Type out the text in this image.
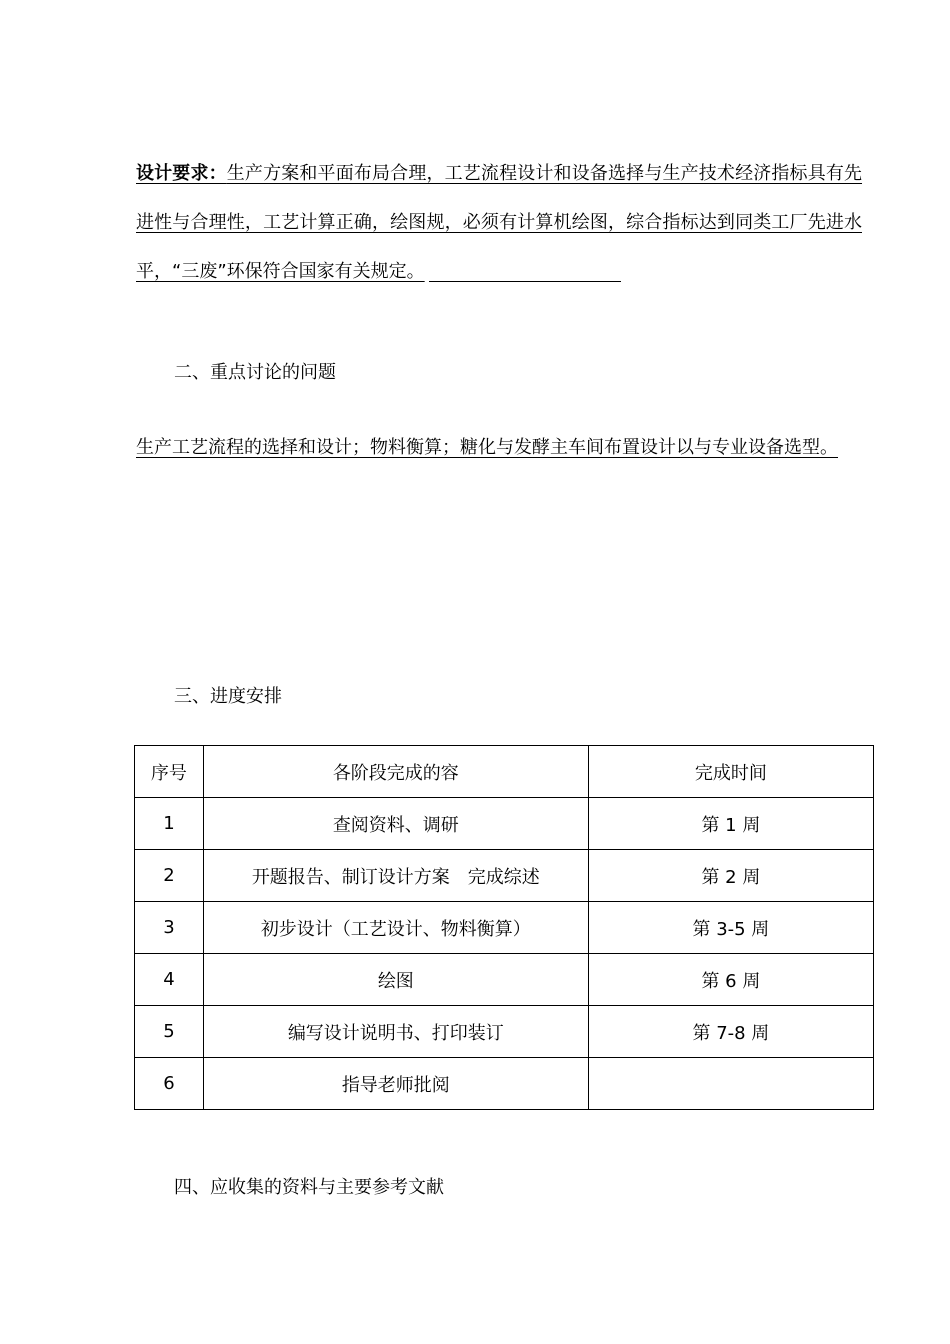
设计要求：生产方案和平面布局合理，工艺流程设计和设备选择与生产技术经济指标具有先进性与合理性，工艺计算正确，绘图规，必须有计算机绘图，综合指标达到同类工厂先进水平，“三废”环保符合国家有关规定。
二、重点讨论的问题
生产工艺流程的选择和设计；物料衡算；糖化与发酵主车间布置设计以与专业设备选型。
三、进度安排
序号	各阶段完成的容	完成时间
1	查阅资料、调研	第 1 周
2	开题报告、制订设计方案　完成综述	第 2 周
3	初步设计（工艺设计、物料衡算）	第 3-5 周
4	绘图	第 6 周
5	编写设计说明书、打印装订	第 7-8 周
6	指导老师批阅	
四、应收集的资料与主要参考文献
